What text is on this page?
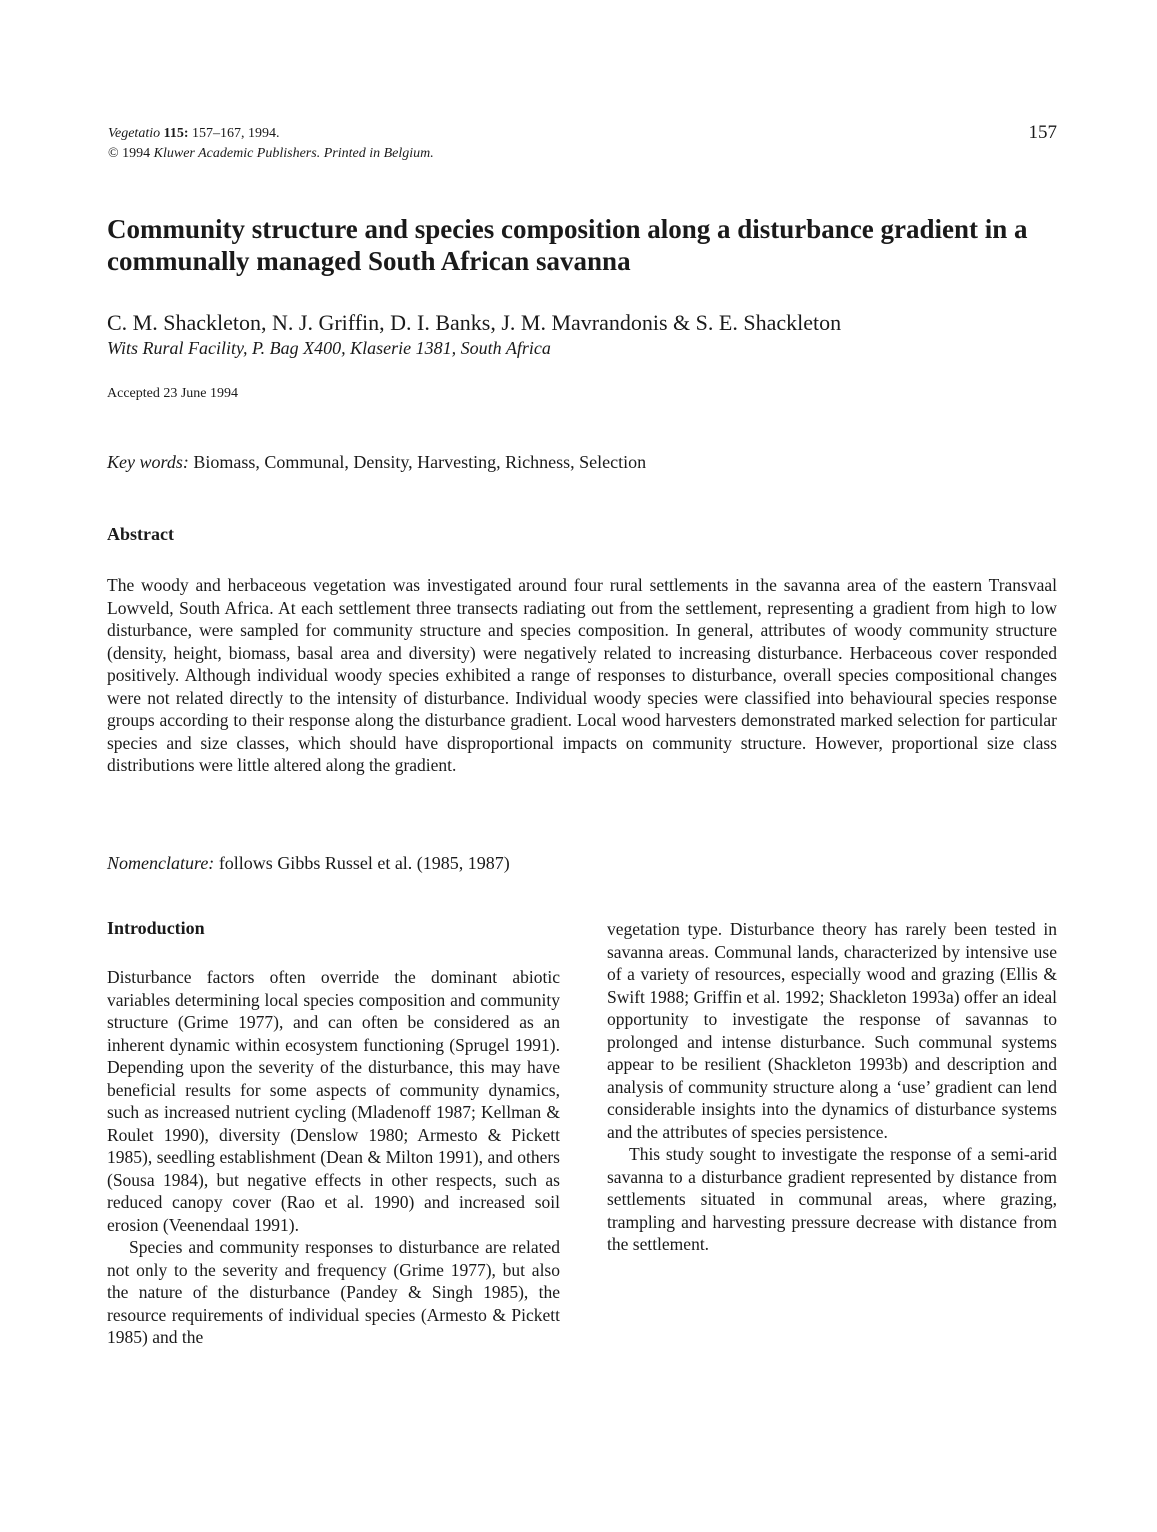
Vegetatio 115: 157–167, 1994.
© 1994 Kluwer Academic Publishers. Printed in Belgium.
157
Community structure and species composition along a disturbance gradient in a communally managed South African savanna
C. M. Shackleton, N. J. Griffin, D. I. Banks, J. M. Mavrandonis & S. E. Shackleton
Wits Rural Facility, P. Bag X400, Klaserie 1381, South Africa
Accepted 23 June 1994
Key words: Biomass, Communal, Density, Harvesting, Richness, Selection
Abstract

The woody and herbaceous vegetation was investigated around four rural settlements in the savanna area of the eastern Transvaal Lowveld, South Africa. At each settlement three transects radiating out from the settlement, representing a gradient from high to low disturbance, were sampled for community structure and species composition. In general, attributes of woody community structure (density, height, biomass, basal area and diversity) were negatively related to increasing disturbance. Herbaceous cover responded positively. Although individual woody species exhibited a range of responses to disturbance, overall species compositional changes were not related directly to the intensity of disturbance. Individual woody species were classified into behavioural species response groups according to their response along the disturbance gradient. Local wood harvesters demonstrated marked selection for particular species and size classes, which should have disproportional impacts on community structure. However, proportional size class distributions were little altered along the gradient.

Nomenclature: follows Gibbs Russel et al. (1985, 1987)
Introduction

Disturbance factors often override the dominant abiotic variables determining local species composition and community structure (Grime 1977), and can often be considered as an inherent dynamic within ecosystem functioning (Sprugel 1991). Depending upon the severity of the disturbance, this may have beneficial results for some aspects of community dynamics, such as increased nutrient cycling (Mladenoff 1987; Kellman & Roulet 1990), diversity (Denslow 1980; Armesto & Pickett 1985), seedling establishment (Dean & Milton 1991), and others (Sousa 1984), but negative effects in other respects, such as reduced canopy cover (Rao et al. 1990) and increased soil erosion (Veenendaal 1991).

Species and community responses to disturbance are related not only to the severity and frequency (Grime 1977), but also the nature of the disturbance (Pandey & Singh 1985), the resource requirements of individual species (Armesto & Pickett 1985) and the

vegetation type. Disturbance theory has rarely been tested in savanna areas. Communal lands, characterized by intensive use of a variety of resources, especially wood and grazing (Ellis & Swift 1988; Griffin et al. 1992; Shackleton 1993a) offer an ideal opportunity to investigate the response of savannas to prolonged and intense disturbance. Such communal systems appear to be resilient (Shackleton 1993b) and description and analysis of community structure along a ‘use’ gradient can lend considerable insights into the dynamics of disturbance systems and the attributes of species persistence.

This study sought to investigate the response of a semi-arid savanna to a disturbance gradient represented by distance from settlements situated in communal areas, where grazing, trampling and harvesting pressure decrease with distance from the settlement.
